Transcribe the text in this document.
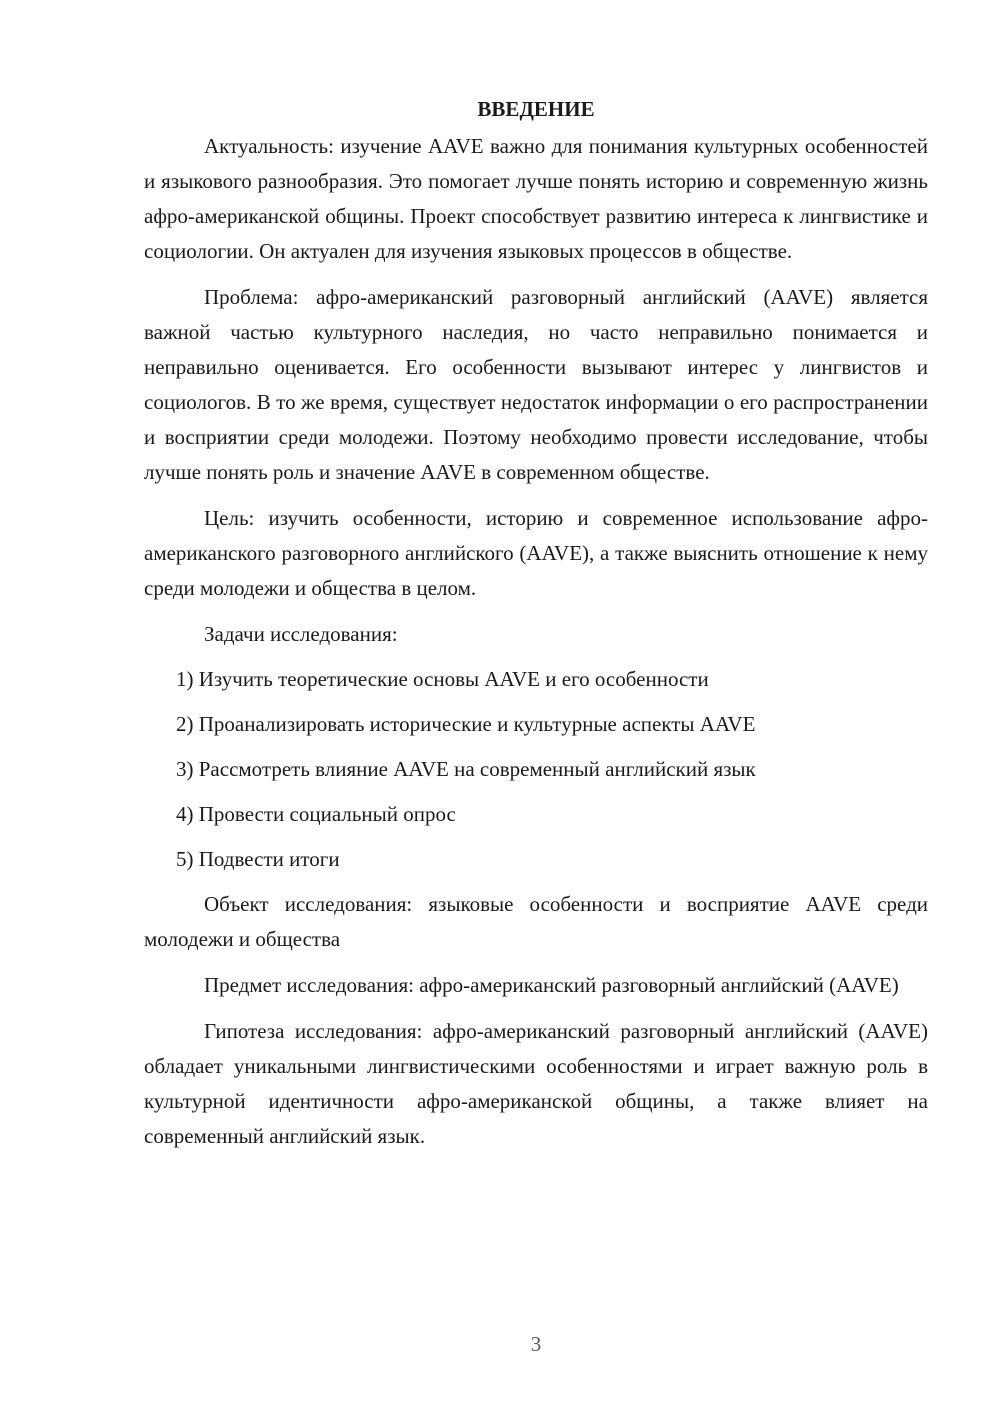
ВВЕДЕНИЕ

Актуальность: изучение AAVE важно для понимания культурных особенностей и языкового разнообразия. Это помогает лучше понять историю и современную жизнь афро-американской общины. Проект способствует развитию интереса к лингвистике и социологии. Он актуален для изучения языковых процессов в обществе.

Проблема: афро-американский разговорный английский (AAVE) является важной частью культурного наследия, но часто неправильно понимается и неправильно оценивается. Его особенности вызывают интерес у лингвистов и социологов. В то же время, существует недостаток информации о его распространении и восприятии среди молодежи. Поэтому необходимо провести исследование, чтобы лучше понять роль и значение AAVE в современном обществе.

Цель: изучить особенности, историю и современное использование афро-американского разговорного английского (AAVE), а также выяснить отношение к нему среди молодежи и общества в целом.

Задачи исследования:

1) Изучить теоретические основы AAVE и его особенности
2) Проанализировать исторические и культурные аспекты AAVE
3) Рассмотреть влияние AAVE на современный английский язык
4) Провести социальный опрос
5) Подвести итоги

Объект исследования: языковые особенности и восприятие AAVE среди молодежи и общества

Предмет исследования: афро-американский разговорный английский (AAVE)

Гипотеза исследования: афро-американский разговорный английский (AAVE) обладает уникальными лингвистическими особенностями и играет важную роль в культурной идентичности афро-американской общины, а также влияет на современный английский язык.

3
